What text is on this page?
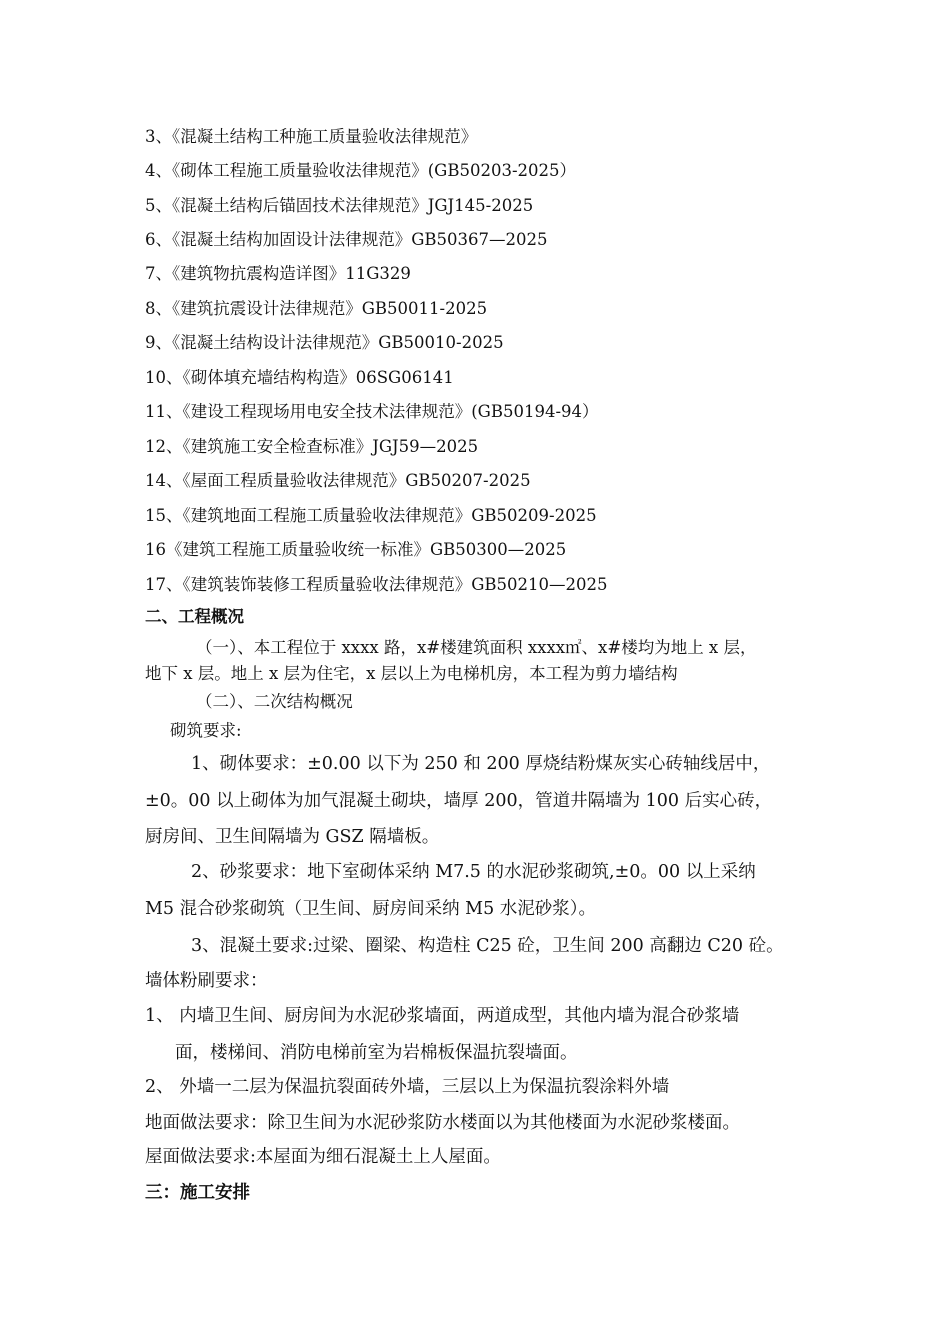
3、《混凝土结构工种施工质量验收法律规范》
4、《砌体工程施工质量验收法律规范》(GB50203-2025）
5、《混凝土结构后锚固技术法律规范》JGJ145-2025
6、《混凝土结构加固设计法律规范》GB50367—2025
7、《建筑物抗震构造详图》11G329
8、《建筑抗震设计法律规范》GB50011-2025
9、《混凝土结构设计法律规范》GB50010-2025
10、《砌体填充墙结构构造》06SG06141
11、《建设工程现场用电安全技术法律规范》(GB50194-94）
12、《建筑施工安全检查标准》JGJ59—2025
14、《屋面工程质量验收法律规范》GB50207-2025
15、《建筑地面工程施工质量验收法律规范》GB50209-2025
16《建筑工程施工质量验收统一标准》GB50300—2025
17、《建筑装饰装修工程质量验收法律规范》GB50210—2025
二、工程概况
（一）、本工程位于 xxxx 路，x#楼建筑面积 xxxx㎡、x#楼均为地上 x 层，
地下 x 层。地上 x 层为住宅，x 层以上为电梯机房，本工程为剪力墙结构
（二）、二次结构概况
砌筑要求:
1、砌体要求：±0.00 以下为 250 和 200 厚烧结粉煤灰实心砖轴线居中，
±0。00 以上砌体为加气混凝土砌块，墙厚 200，管道井隔墙为 100 后实心砖，
厨房间、卫生间隔墙为 GSZ 隔墙板。
2、砂浆要求：地下室砌体采纳 M7.5 的水泥砂浆砌筑,±0。00 以上采纳
M5 混合砂浆砌筑（卫生间、厨房间采纳 M5 水泥砂浆）。
3、混凝土要求:过梁、圈梁、构造柱 C25 砼，卫生间 200 高翻边 C20 砼。
墙体粉刷要求：
1、 内墙卫生间、厨房间为水泥砂浆墙面，两道成型，其他内墙为混合砂浆墙
面，楼梯间、消防电梯前室为岩棉板保温抗裂墙面。
2、 外墙一二层为保温抗裂面砖外墙，三层以上为保温抗裂涂料外墙
地面做法要求：除卫生间为水泥砂浆防水楼面以为其他楼面为水泥砂浆楼面。
屋面做法要求:本屋面为细石混凝土上人屋面。
三：施工安排
